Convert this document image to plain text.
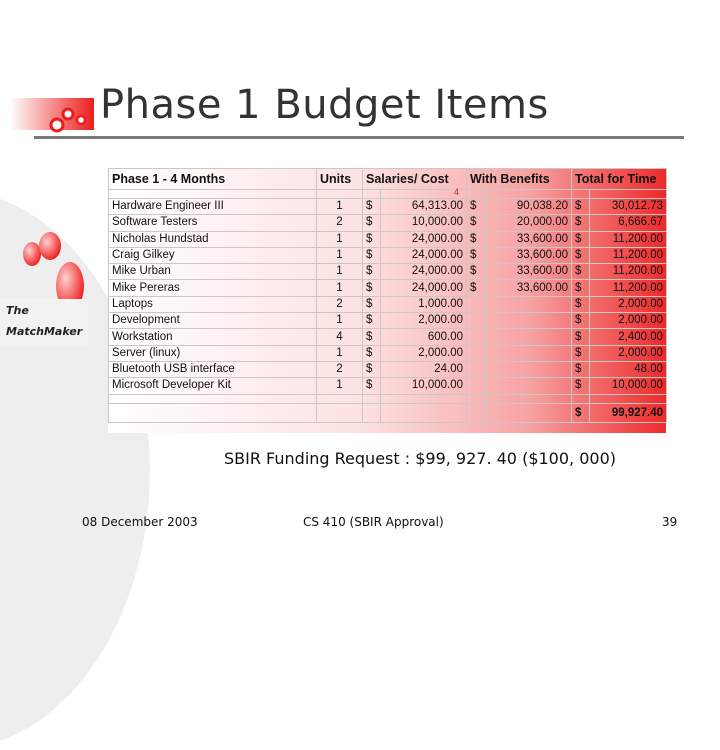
Phase 1 Budget Items
The
MatchMaker
Phase 1 - 4 Months	Units	Salaries/ Cost		With Benefits		Total for Time	

Hardware Engineer III	1	$	64,313.00	$	90,038.20	$	30,012.73
Software Testers	2	$	10,000.00	$	20,000.00	$	6,666.67
Nicholas Hundstad	1	$	24,000.00	$	33,600.00	$	11,200.00
Craig Gilkey	1	$	24,000.00	$	33,600.00	$	11,200.00
Mike Urban	1	$	24,000.00	$	33,600.00	$	11,200.00
Mike Pereras	1	$	24,000.00	$	33,600.00	$	11,200.00
Laptops	2	$	1,000.00			$	2,000.00
Development	1	$	2,000.00			$	2,000.00
Workstation	4	$	600.00			$	2,400.00
Server (linux)	1	$	2,000.00			$	2,000.00
Bluetooth USB interface	2	$	24.00			$	48.00
Microsoft Developer Kit	1	$	10,000.00			$	10,000.00

						$	99,927.40
4
SBIR Funding Request : $99, 927. 40 ($100, 000)
08 December 2003	CS 410 (SBIR Approval)	39
